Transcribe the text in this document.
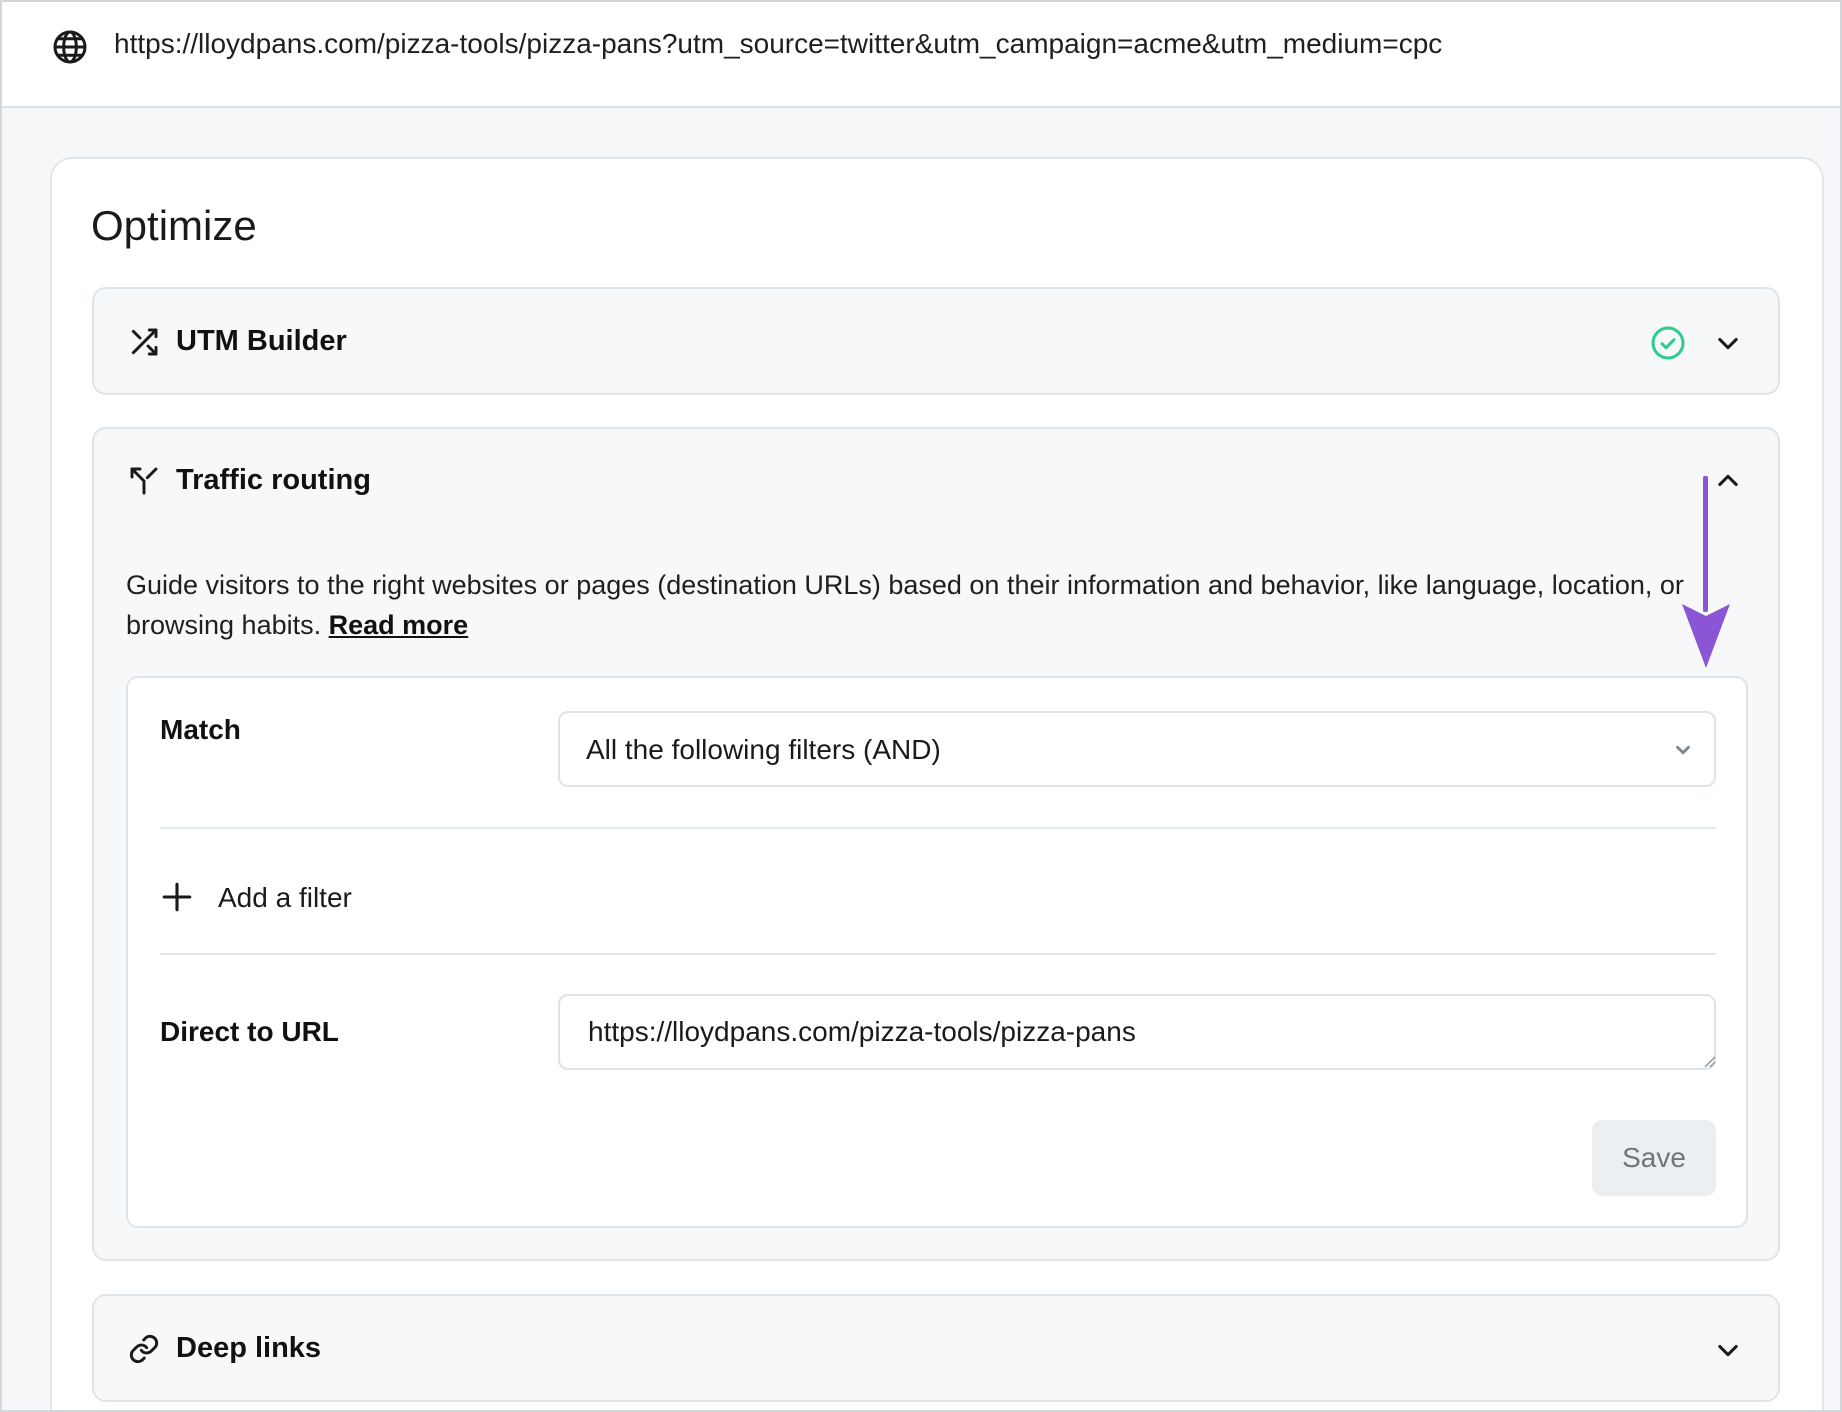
https://lloydpans.com/pizza-tools/pizza-pans?utm_source=twitter&utm_campaign=acme&utm_medium=cpc
Optimize
UTM Builder
Traffic routing

Guide visitors to the right websites or pages (destination URLs) based on their information and behavior, like language, location, or browsing habits. Read more

Match
All the following filters (AND)
Add a filter
Direct to URL	https://lloydpans.com/pizza-tools/pizza-pans
Save
Deep links
